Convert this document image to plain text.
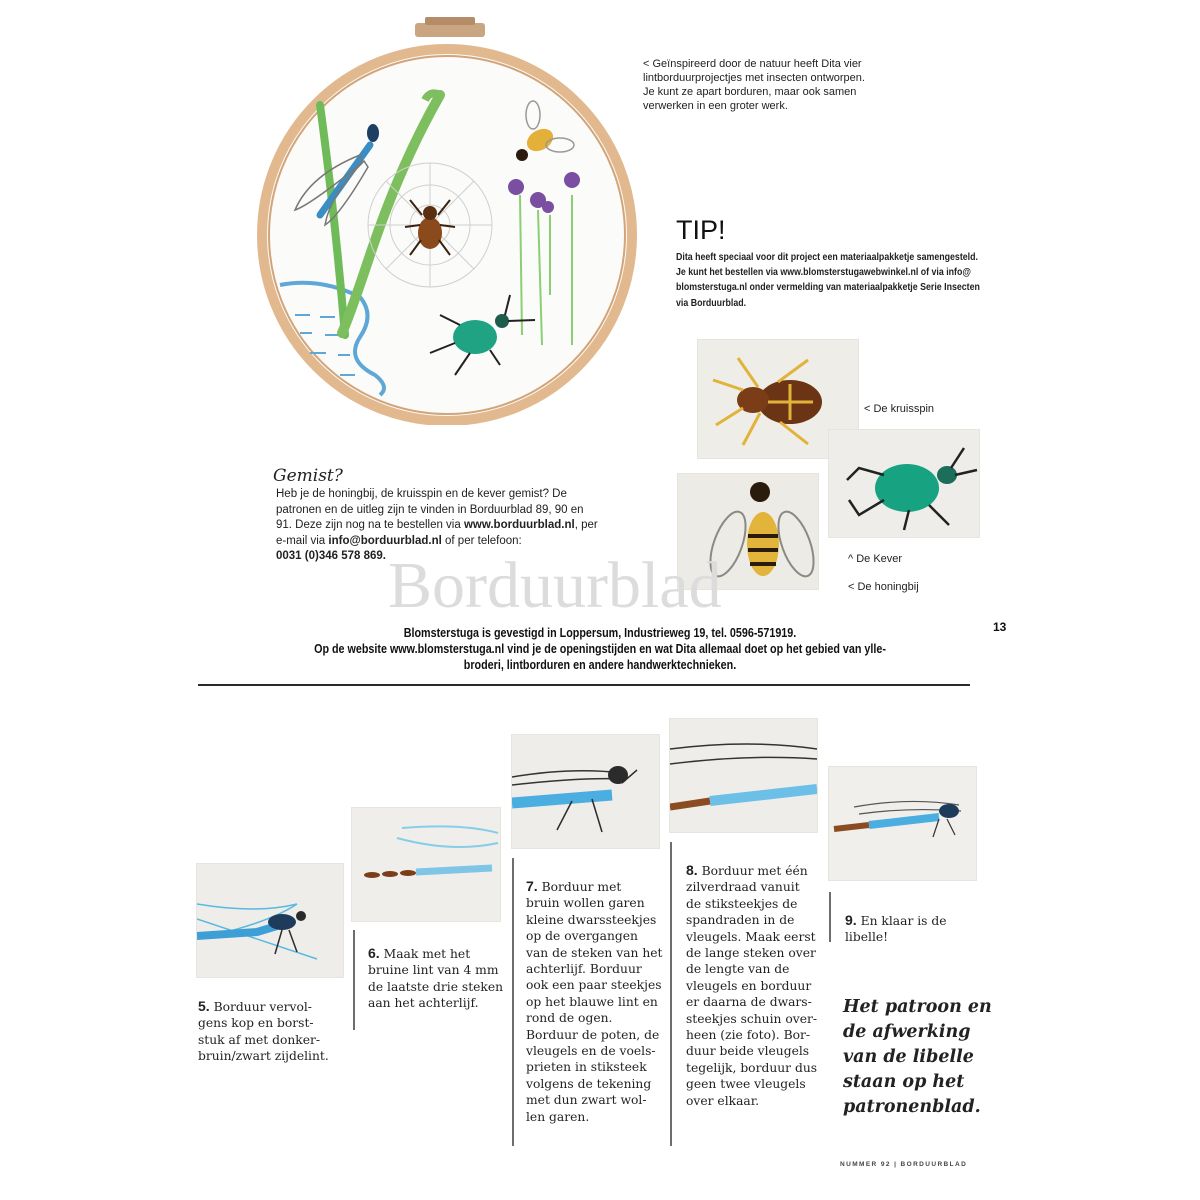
< Geïnspireerd door de natuur heeft Dita vier
lintborduurprojectjes met insecten ontworpen.
Je kunt ze apart borduren, maar ook samen
verwerken in een groter werk.
TIP!
Dita heeft speciaal voor dit project een materiaalpakketje samengesteld.
Je kunt het bestellen via www.blomsterstugawebwinkel.nl of via info@
blomsterstuga.nl onder vermelding van materiaalpakketje Serie Insecten
via Borduurblad.
< De kruisspin
^ De Kever
< De honingbij
Gemist?
Heb je de honingbij, de kruisspin en de kever gemist? De
patronen en de uitleg zijn te vinden in Borduurblad 89, 90 en
91. Deze zijn nog na te bestellen via www.borduurblad.nl, per
e-mail via info@borduurblad.nl of per telefoon:
0031 (0)346 578 869. Borduurblad
13
Blomsterstuga is gevestigd in Loppersum, Industrieweg 19, tel. 0596-571919.
Op de website www.blomsterstuga.nl vind je de openingstijden en wat Dita allemaal doet op het gebied van ylle-
broderi, lintborduren en andere handwerktechnieken.
5. Borduur vervol-
gens kop en borst-
stuk af met donker-
bruin/zwart zijdelint.
6. Maak met het
bruine lint van 4 mm
de laatste drie steken
aan het achterlijf.
7. Borduur met
bruin wollen garen
kleine dwarssteekjes
op de overgangen
van de steken van het
achterlijf. Borduur
ook een paar steekjes
op het blauwe lint en
rond de ogen.
Borduur de poten, de
vleugels en de voels-
prieten in stiksteek
volgens de tekening
met dun zwart wol-
len garen.
8. Borduur met één
zilverdraad vanuit
de stiksteekjes de
spandraden in de
vleugels. Maak eerst
de lange steken over
de lengte van de
vleugels en borduur
er daarna de dwars-
steekjes schuin over-
heen (zie foto). Bor-
duur beide vleugels
tegelijk, borduur dus
geen twee vleugels
over elkaar.
9. En klaar is de
libelle!
Het patroon en de afwerking van de libelle staan op het patronenblad.
NUMMER 92 | BORDUURBLAD
